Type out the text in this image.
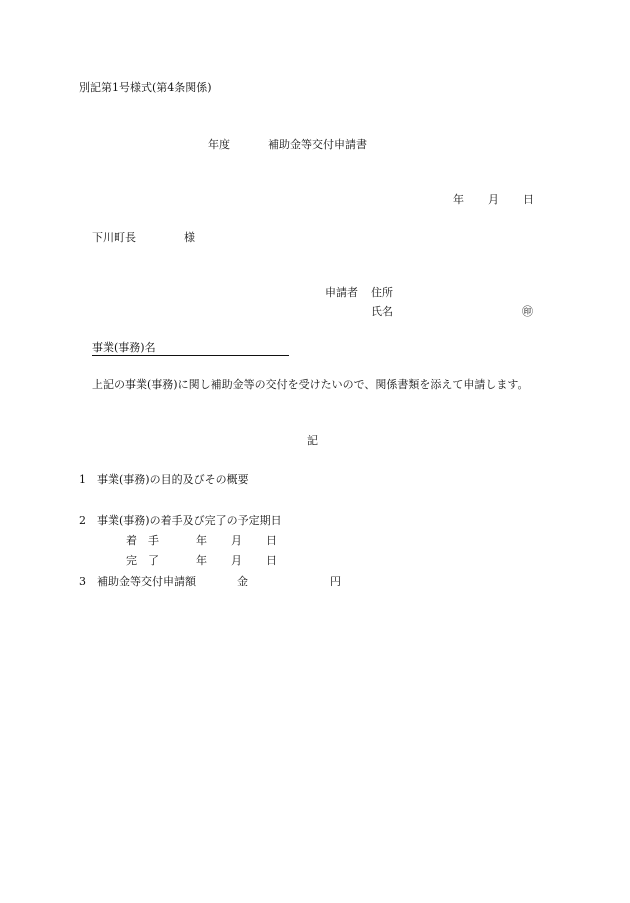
別記第1号様式(第4条関係)
年度	補助金等交付申請書
年 月 日
下川町長	様
申請者 住所
氏名	㊞
事業(事務)名
上記の事業(事務)に関し補助金等の交付を受けたいので、関係書類を添えて申請します。
記
1 事業(事務)の目的及びその概要
2 事業(事務)の着手及び完了の予定期日
着　手	年 月 日
完　了	年 月 日
3 補助金等交付申請額	金	円
